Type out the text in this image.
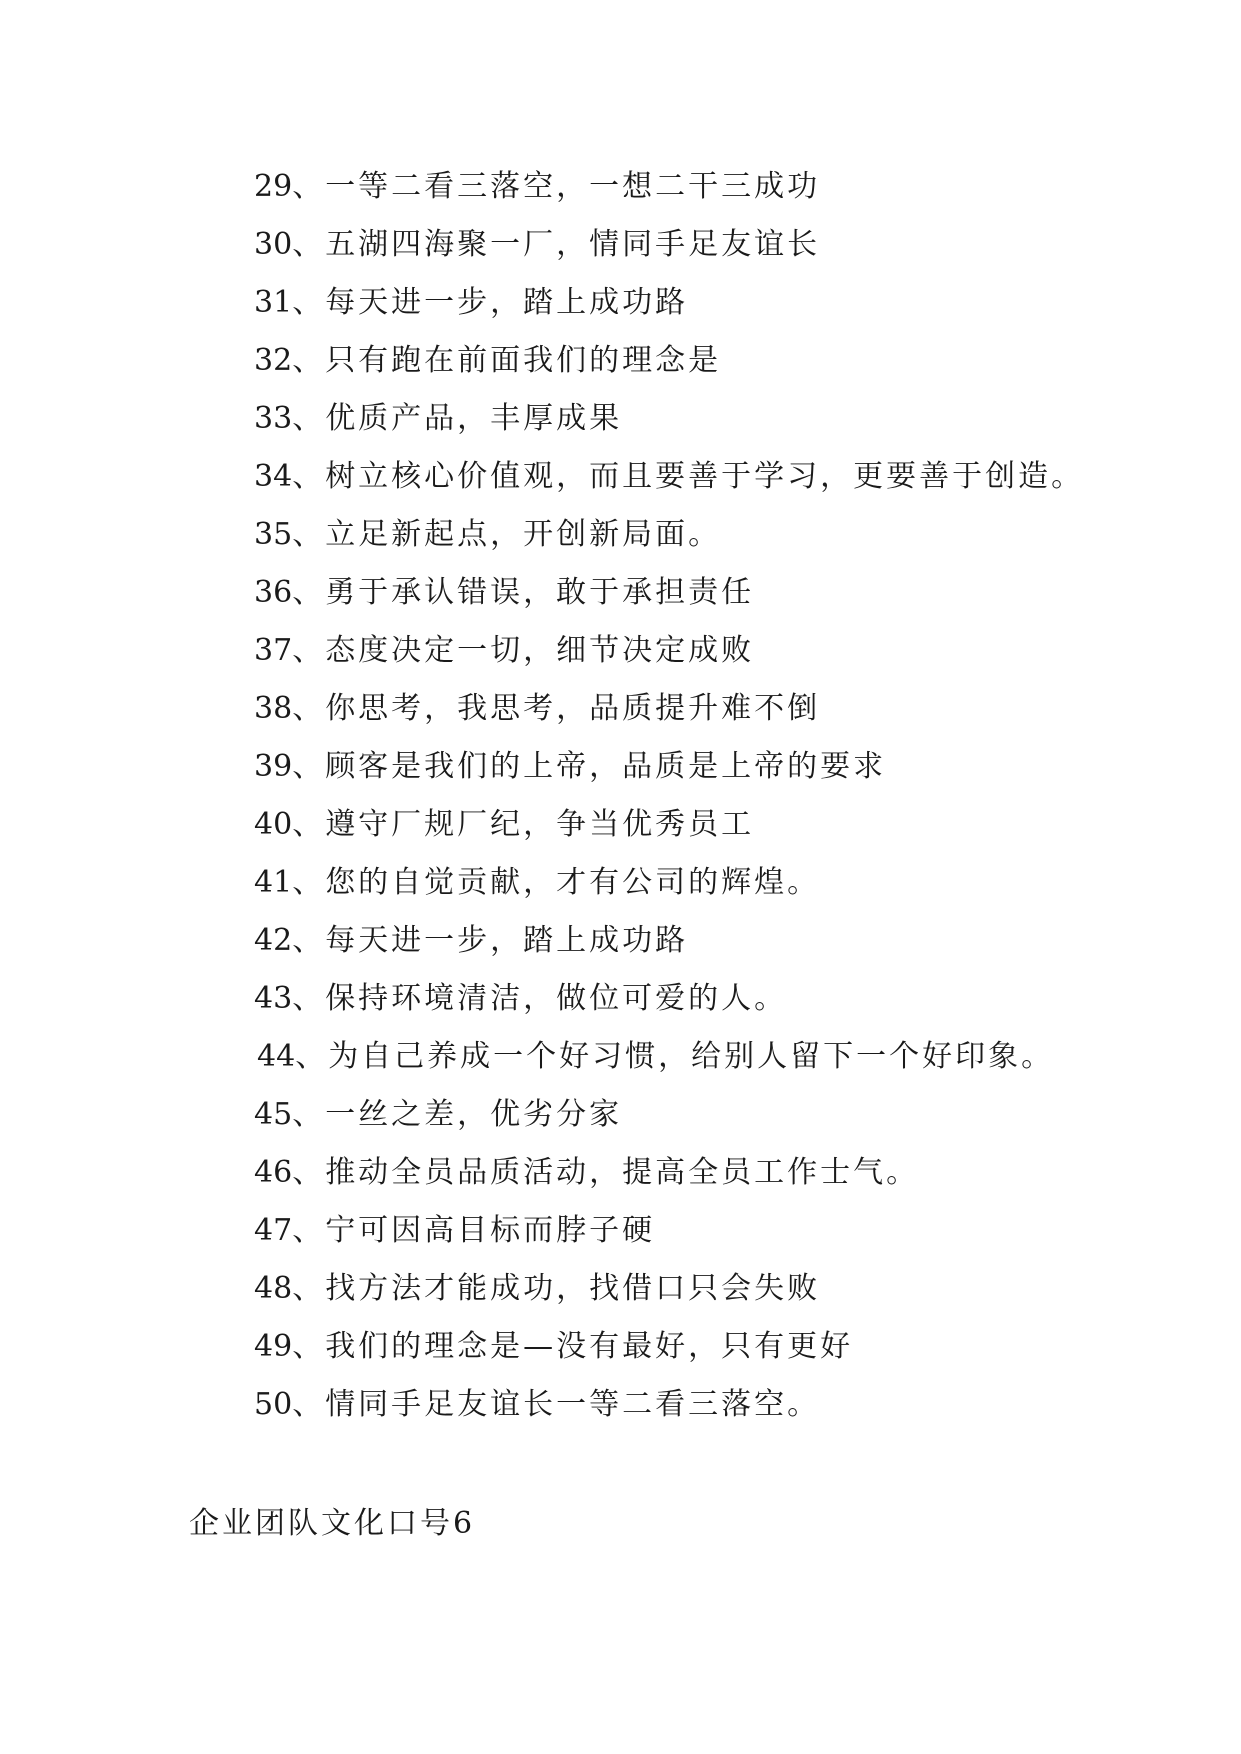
29、一等二看三落空，一想二干三成功
30、五湖四海聚一厂，情同手足友谊长
31、每天进一步，踏上成功路
32、只有跑在前面我们的理念是
33、优质产品，丰厚成果
34、树立核心价值观，而且要善于学习，更要善于创造。
35、立足新起点，开创新局面。
36、勇于承认错误，敢于承担责任
37、态度决定一切，细节决定成败
38、你思考，我思考，品质提升难不倒
39、顾客是我们的上帝，品质是上帝的要求
40、遵守厂规厂纪，争当优秀员工
41、您的自觉贡献，才有公司的辉煌。
42、每天进一步，踏上成功路
43、保持环境清洁，做位可爱的人。
44、为自己养成一个好习惯，给别人留下一个好印象。
45、一丝之差，优劣分家
46、推动全员品质活动，提高全员工作士气。
47、宁可因高目标而脖子硬
48、找方法才能成功，找借口只会失败
49、我们的理念是—没有最好，只有更好
50、情同手足友谊长一等二看三落空。
企业团队文化口号6
